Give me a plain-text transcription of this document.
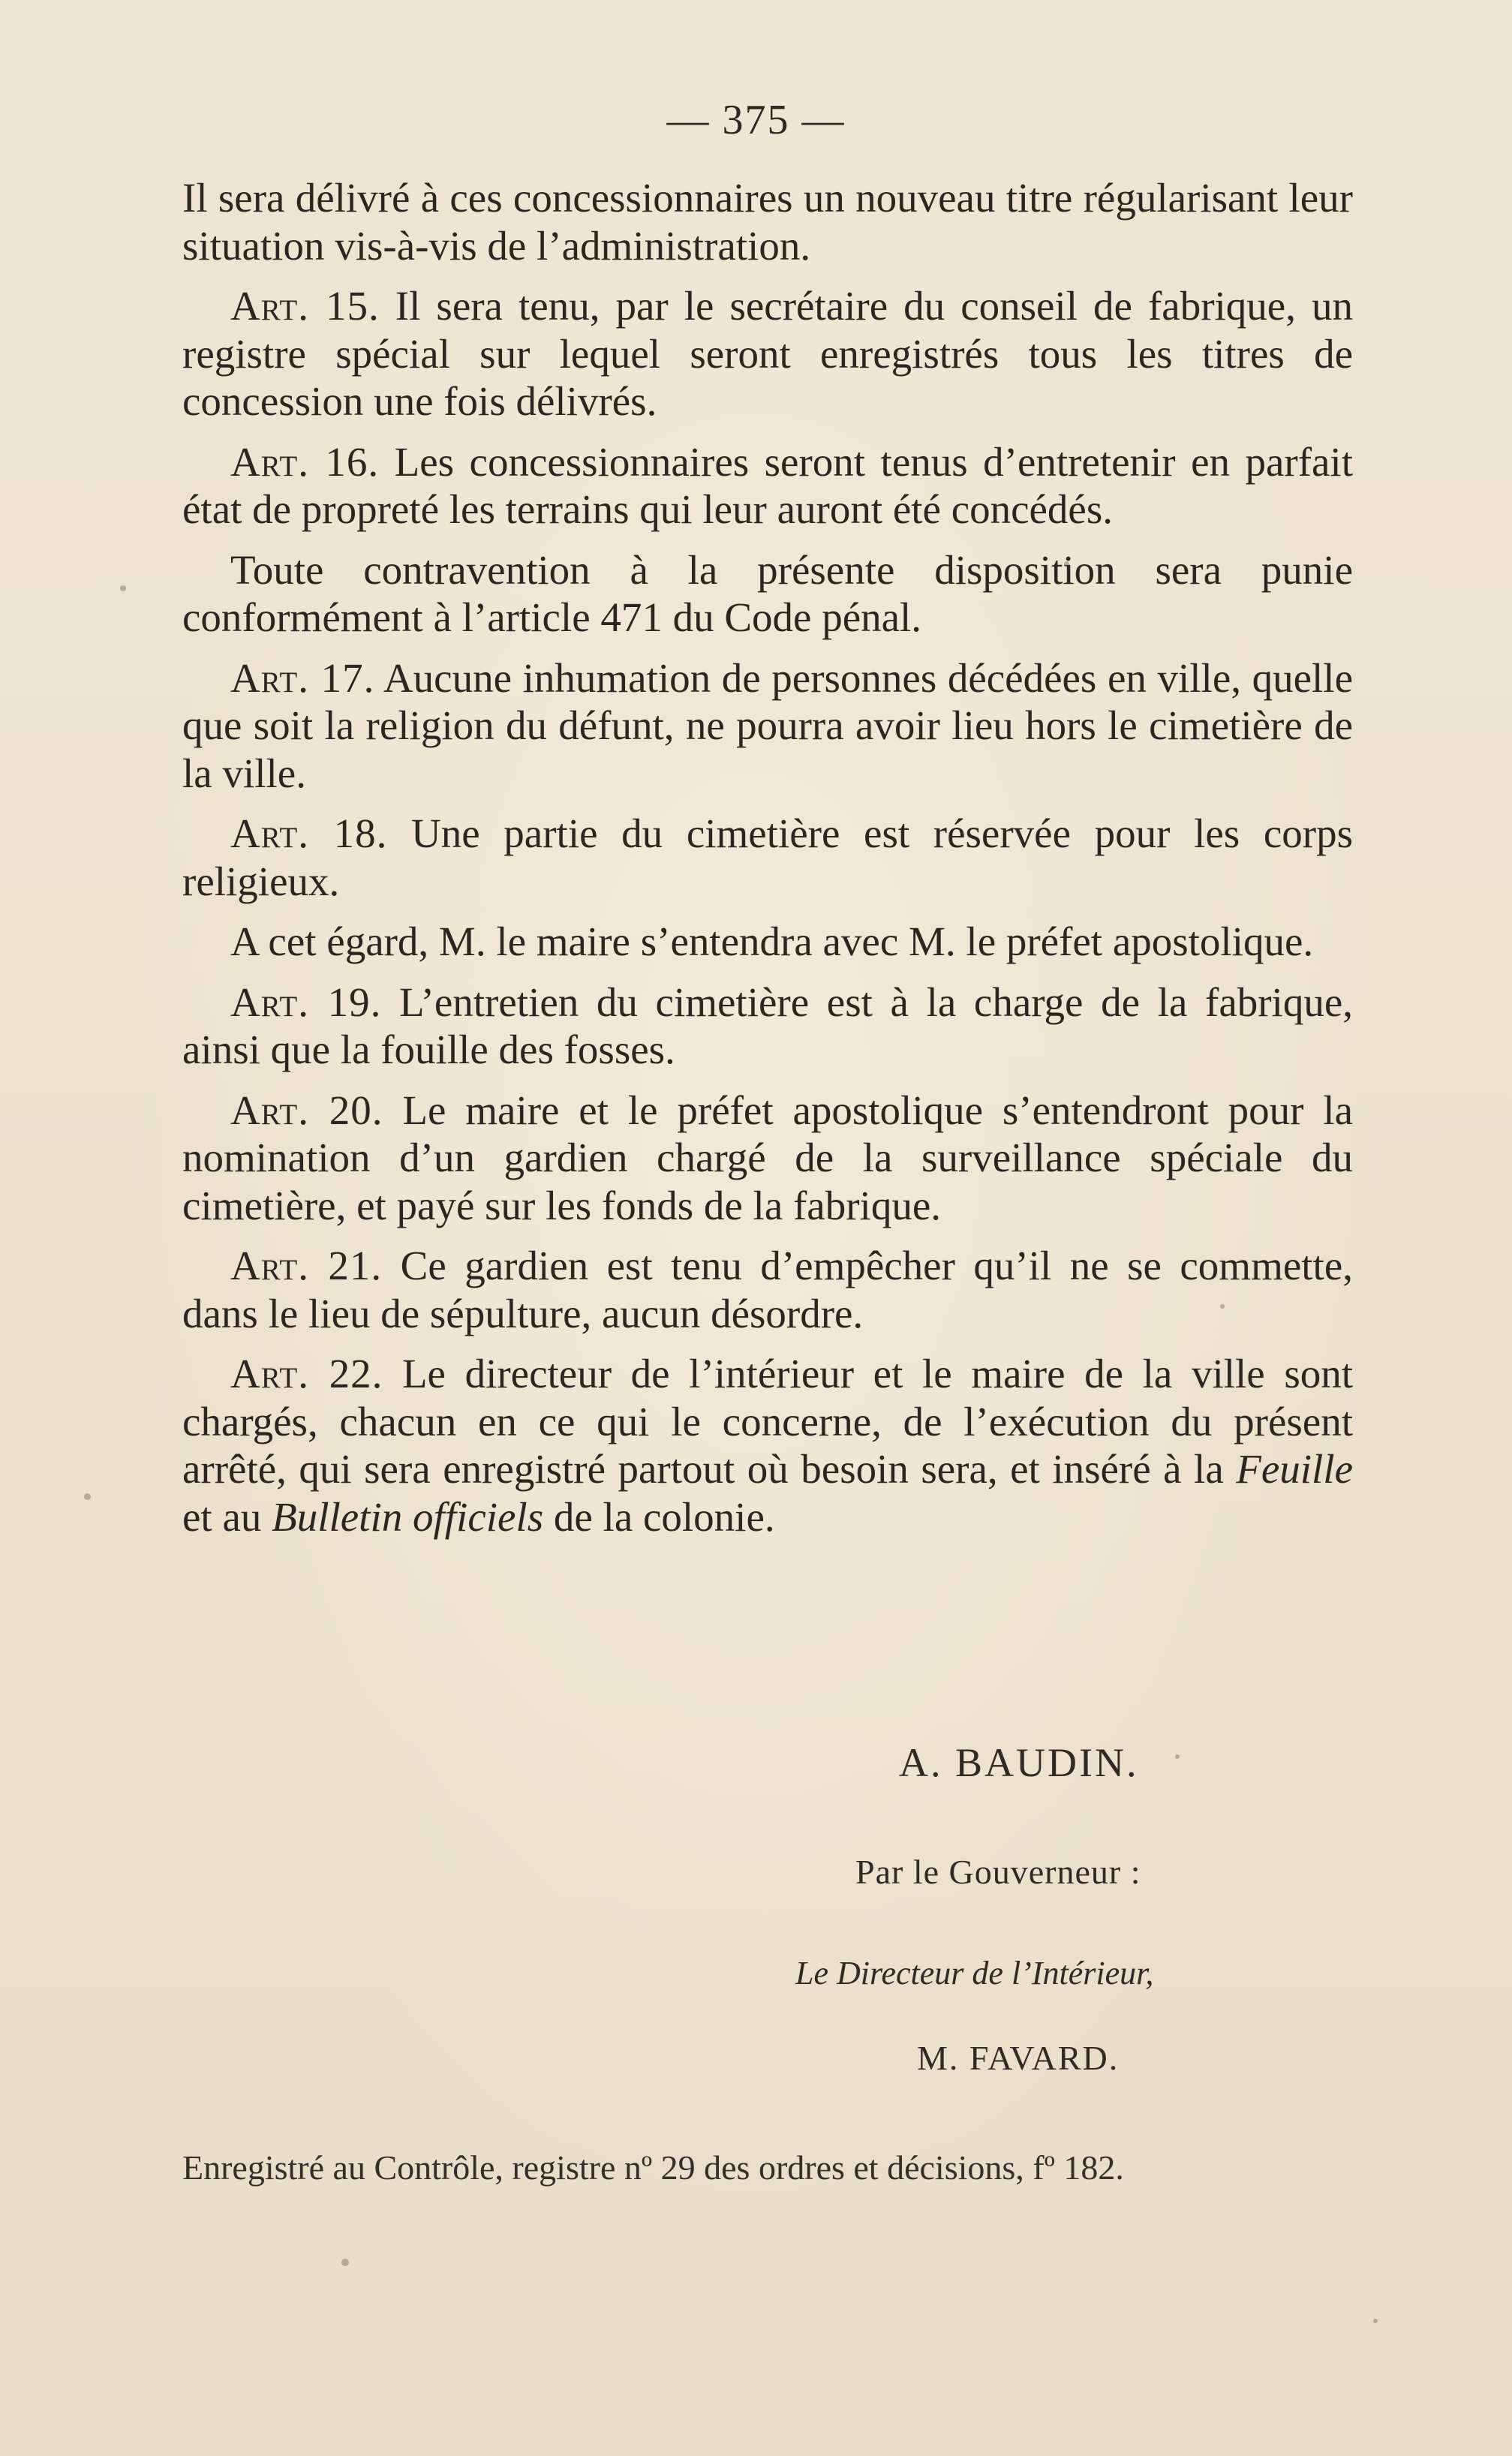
— 375 —

Il sera délivré à ces concessionnaires un nouveau titre régularisant leur situation vis-à-vis de l’administration.

Art. 15. Il sera tenu, par le secrétaire du conseil de fabrique, un registre spécial sur lequel seront enregistrés tous les titres de concession une fois délivrés.

Art. 16. Les concessionnaires seront tenus d’entretenir en parfait état de propreté les terrains qui leur auront été concédés.

Toute contravention à la présente disposition sera punie conformément à l’article 471 du Code pénal.

Art. 17. Aucune inhumation de personnes décédées en ville, quelle que soit la religion du défunt, ne pourra avoir lieu hors le cimetière de la ville.

Art. 18. Une partie du cimetière est réservée pour les corps religieux.

A cet égard, M. le maire s’entendra avec M. le préfet apostolique.

Art. 19. L’entretien du cimetière est à la charge de la fabrique, ainsi que la fouille des fosses.

Art. 20. Le maire et le préfet apostolique s’entendront pour la nomination d’un gardien chargé de la surveillance spéciale du cimetière, et payé sur les fonds de la fabrique.

Art. 21. Ce gardien est tenu d’empêcher qu’il ne se commette, dans le lieu de sépulture, aucun désordre.

Art. 22. Le directeur de l’intérieur et le maire de la ville sont chargés, chacun en ce qui le concerne, de l’exécution du présent arrêté, qui sera enregistré partout où besoin sera, et inséré à la Feuille et au Bulletin officiels de la colonie.

A. BAUDIN.
Par le Gouverneur :
Le Directeur de l’Intérieur,
M. FAVARD.
Enregistré au Contrôle, registre nº 29 des ordres et décisions, fº 182.
